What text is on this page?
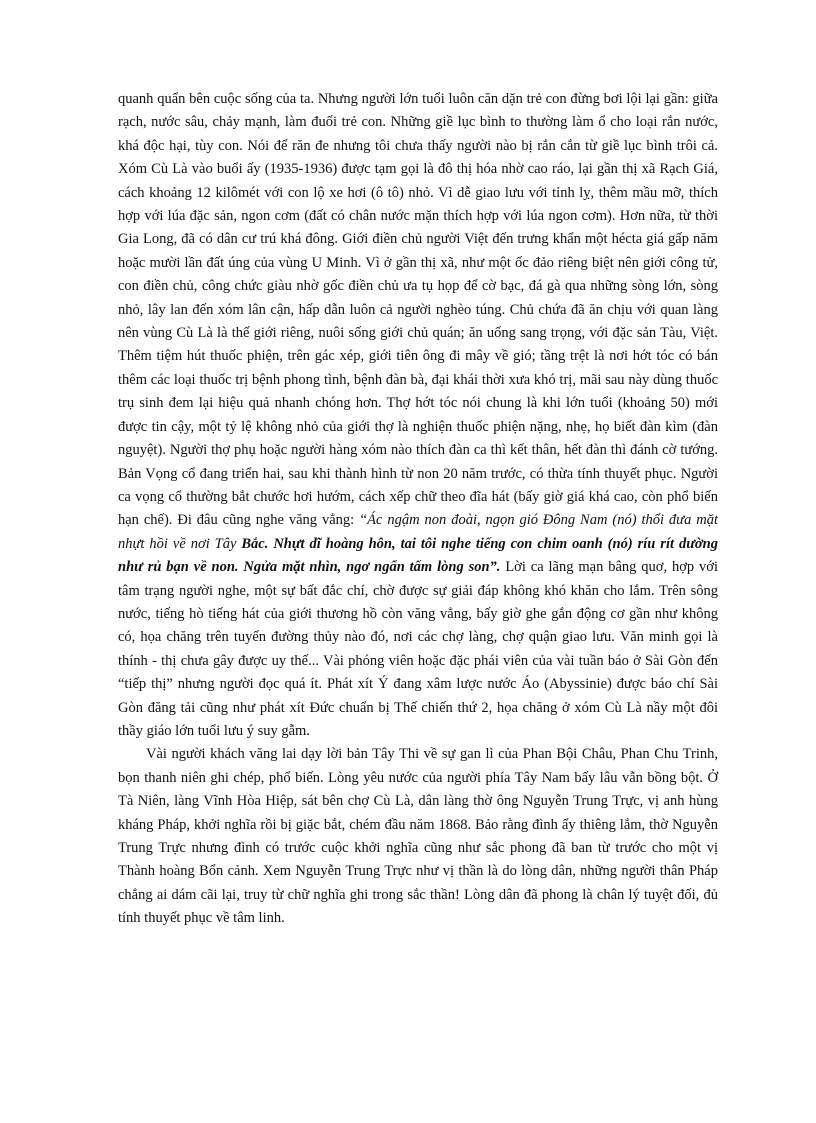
quanh quẩn bên cuộc sống của ta. Nhưng người lớn tuổi luôn căn dặn trẻ con đừng bơi lội lại gần: giữa rạch, nước sâu, chảy mạnh, làm đuối trẻ con. Những giề lục bình to thường làm ổ cho loại rắn nước, khá độc hại, tùy con. Nói để răn đe nhưng tôi chưa thấy người nào bị rắn cắn từ giề lục bình trôi cả. Xóm Cù Là vào buổi ấy (1935-1936) được tạm gọi là đô thị hóa nhờ cao ráo, lại gần thị xã Rạch Giá, cách khoảng 12 kilômét với con lộ xe hơi (ô tô) nhỏ. Vì dễ giao lưu với tỉnh lỵ, thêm mầu mỡ, thích hợp với lúa đặc sản, ngon cơm (đất có chân nước mặn thích hợp với lúa ngon cơm). Hơn nữa, từ thời Gia Long, đã có dân cư trú khá đông. Giới điền chủ người Việt đến trưng khẩn một hécta giá gấp năm hoặc mười lần đất úng của vùng U Minh. Vì ở gần thị xã, như một ốc đảo riêng biệt nên giới công tử, con điền chủ, công chức giàu nhờ gốc điền chủ ưa tụ họp để cờ bạc, đá gà qua những sòng lớn, sòng nhỏ, lây lan đến xóm lân cận, hấp dẫn luôn cả người nghèo túng. Chủ chứa đã ăn chịu với quan làng nên vùng Cù Là là thế giới riêng, nuôi sống giới chủ quán; ăn uống sang trọng, với đặc sản Tàu, Việt. Thêm tiệm hút thuốc phiện, trên gác xép, giới tiên ông đi mây về gió; tầng trệt là nơi hớt tóc có bán thêm các loại thuốc trị bệnh phong tình, bệnh đàn bà, đại khái thời xưa khó trị, mãi sau này dùng thuốc trụ sinh đem lại hiệu quả nhanh chóng hơn. Thợ hớt tóc nói chung là khi lớn tuổi (khoảng 50) mới được tin cậy, một tỷ lệ không nhỏ của giới thợ là nghiện thuốc phiện nặng, nhẹ, họ biết đàn kìm (đàn nguyệt). Người thợ phụ hoặc người hàng xóm nào thích đàn ca thì kết thân, hết đàn thì đánh cờ tướng. Bản Vọng cổ đang triển hai, sau khi thành hình từ non 20 năm trước, có thừa tính thuyết phục. Người ca vọng cổ thường bắt chước hơi hướm, cách xếp chữ theo đĩa hát (bấy giờ giá khá cao, còn phổ biến hạn chế). Đi đâu cũng nghe văng vẳng: “Ác ngậm non đoài, ngọn gió Đông Nam (nó) thổi đưa mặt nhựt hồi về nơi Tây Bắc. Nhựt dĩ hoàng hôn, tai tôi nghe tiếng con chim oanh (nó) ríu rít dường như rủ bạn về non. Ngửa mặt nhìn, ngơ ngẩn tấm lòng son”. Lời ca lãng mạn bâng quơ, hợp với tâm trạng người nghe, một sự bất đắc chí, chờ được sự giải đáp không khó khăn cho lắm. Trên sông nước, tiếng hò tiếng hát của giới thương hồ còn văng vẳng, bấy giờ ghe gắn động cơ gần như không có, họa chăng trên tuyến đường thủy nào đó, nơi các chợ làng, chợ quận giao lưu. Văn minh gọi là thính - thị chưa gây được uy thế... Vài phóng viên hoặc đặc phái viên của vài tuần báo ở Sài Gòn đến “tiếp thị” nhưng người đọc quá ít. Phát xít Ý đang xâm lược nước Áo (Abyssinie) được báo chí Sài Gòn đăng tải cũng như phát xít Đức chuẩn bị Thế chiến thứ 2, họa chăng ở xóm Cù Là nầy một đôi thầy giáo lớn tuổi lưu ý suy gẫm.

Vài người khách văng lai dạy lời bản Tây Thi về sự gan lì của Phan Bội Châu, Phan Chu Trinh, bọn thanh niên ghi chép, phổ biến. Lòng yêu nước của người phía Tây Nam bấy lâu vẫn bồng bột. Ở Tà Niên, làng Vĩnh Hòa Hiệp, sát bên chợ Cù Là, dân làng thờ ông Nguyễn Trung Trực, vị anh hùng kháng Pháp, khởi nghĩa rồi bị giặc bắt, chém đầu năm 1868. Bảo rằng đình ấy thiêng lắm, thờ Nguyễn Trung Trực nhưng đình có trước cuộc khởi nghĩa cũng như sắc phong đã ban từ trước cho một vị Thành hoàng Bổn cảnh. Xem Nguyễn Trung Trực như vị thần là do lòng dân, những người thân Pháp chẳng ai dám cãi lại, truy từ chữ nghĩa ghi trong sắc thần! Lòng dân đã phong là chân lý tuyệt đối, đủ tính thuyết phục về tâm linh.
